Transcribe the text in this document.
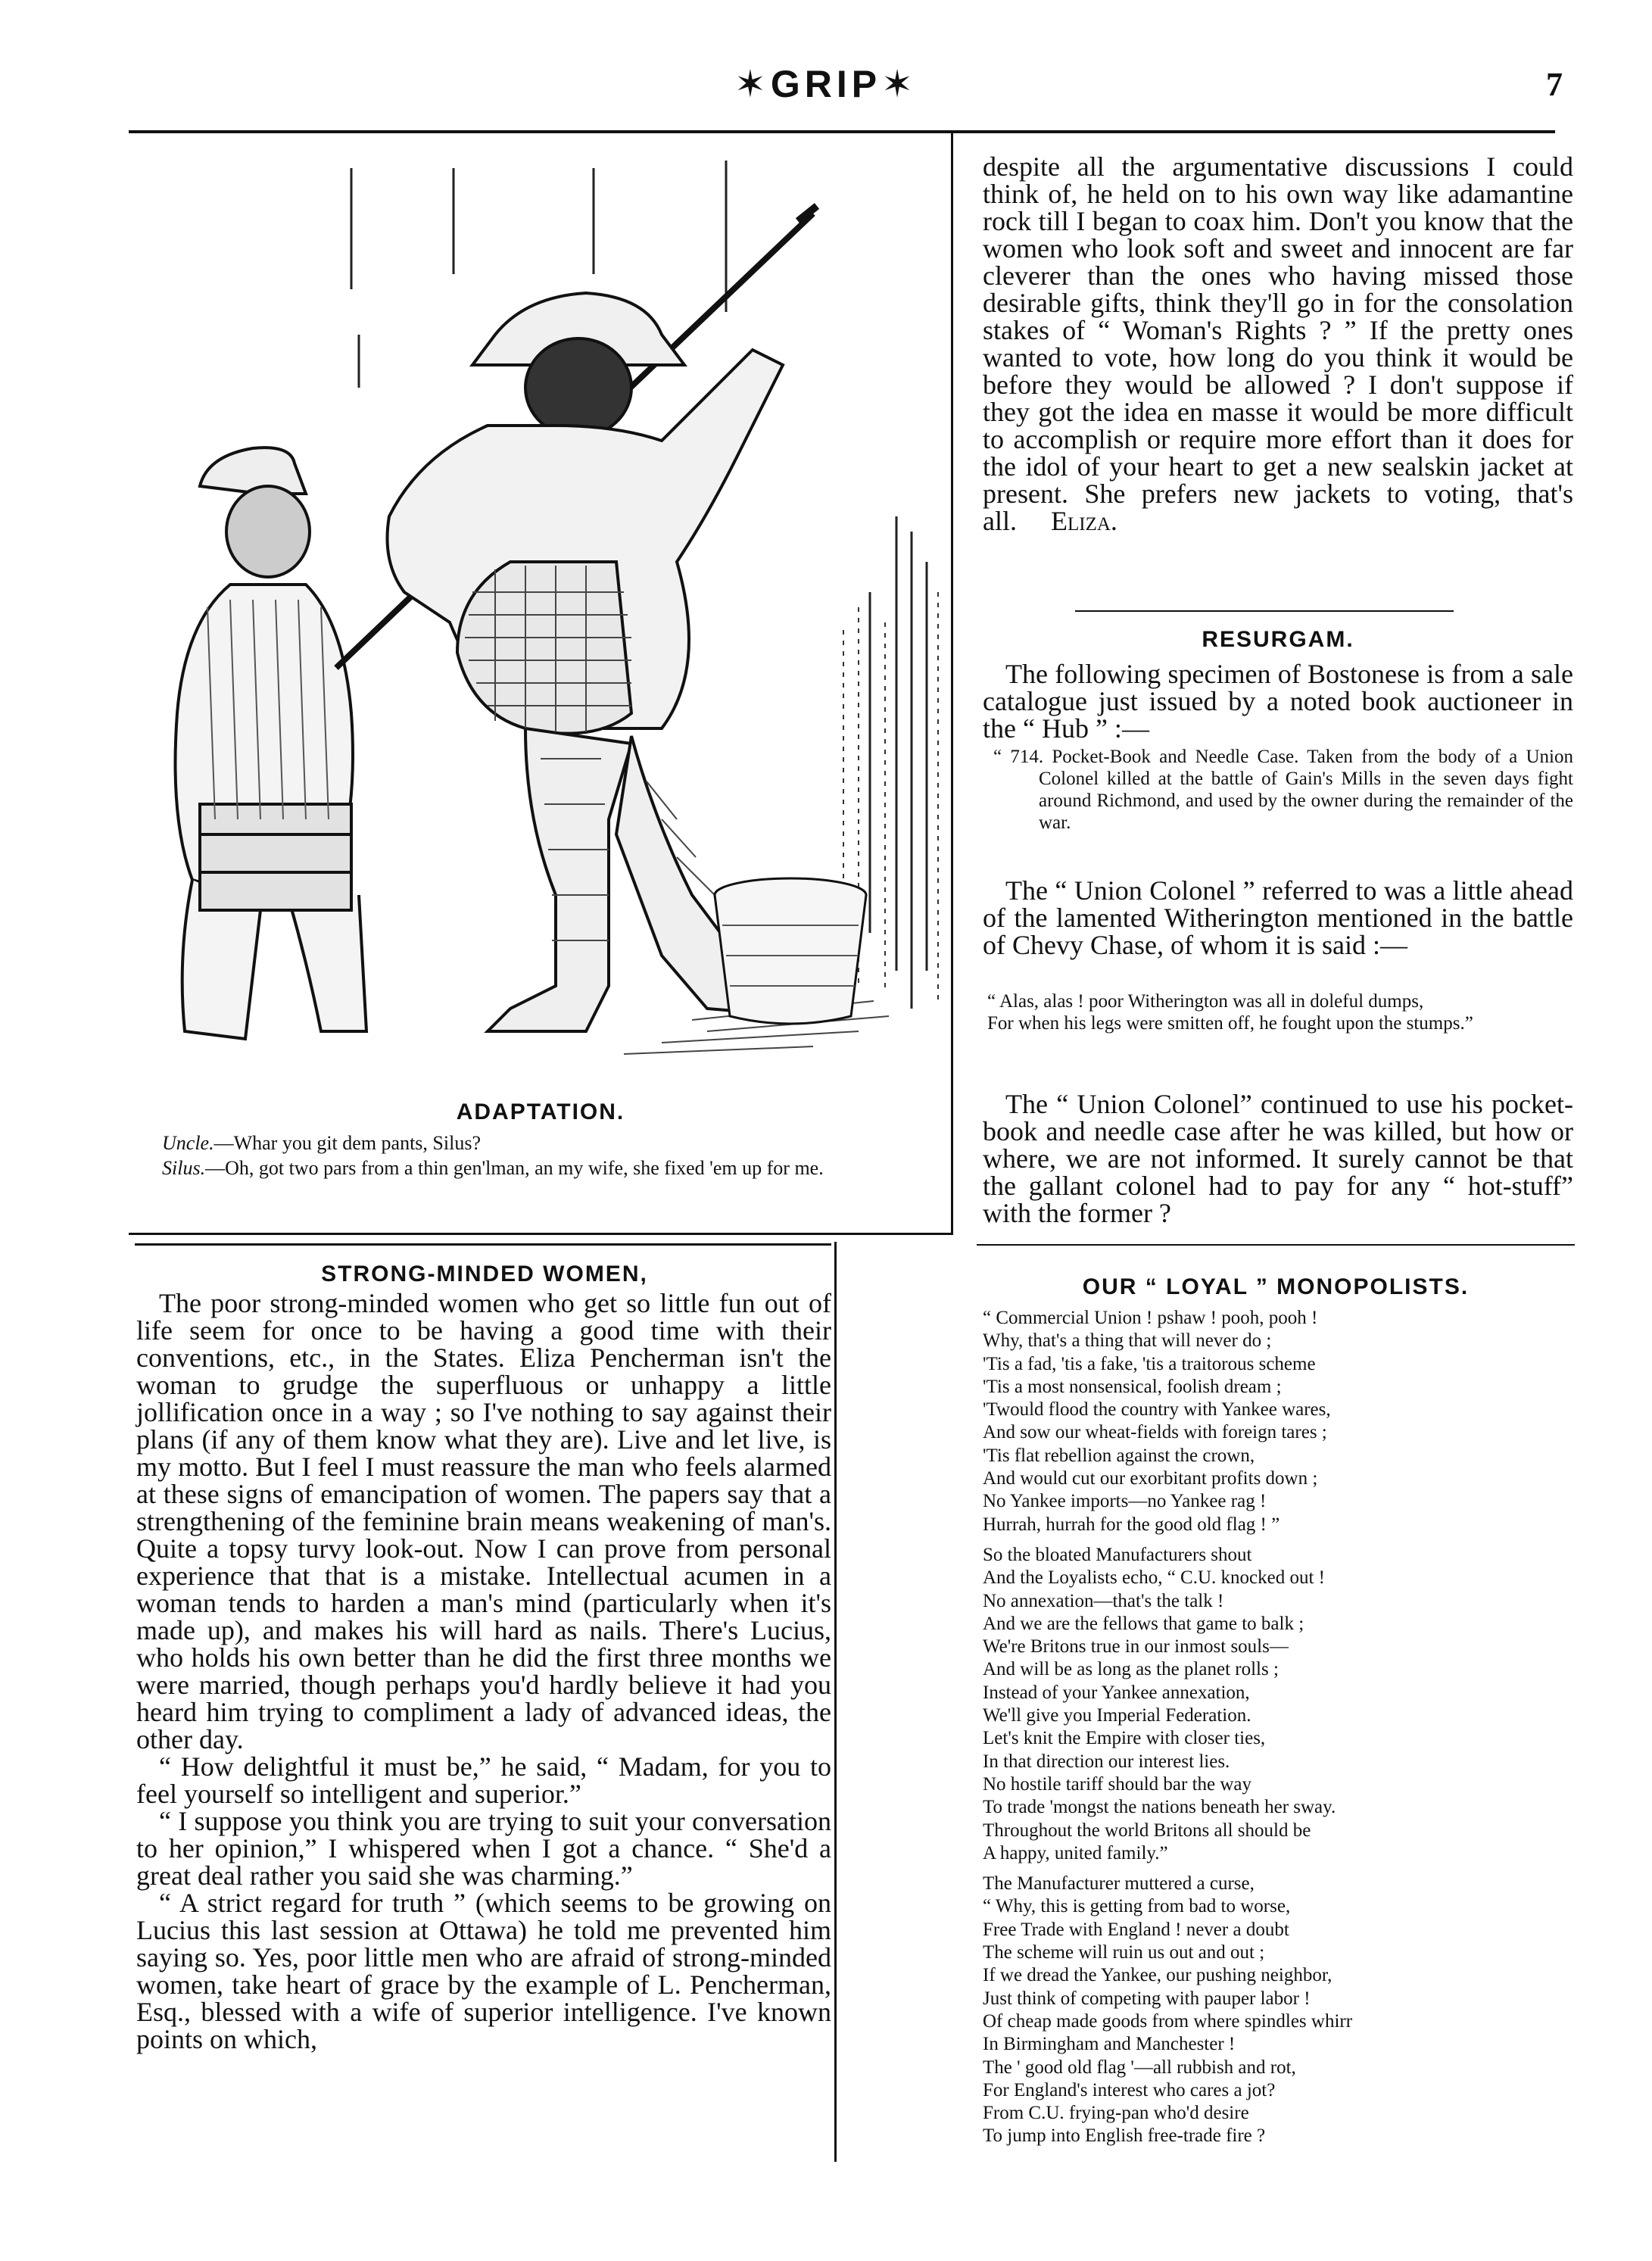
✶GRIP✶	7
ADAPTATION.
Uncle.—Whar you git dem pants, Silus?
Silus.—Oh, got two pars from a thin gen'lman, an my wife, she fixed 'em up for me.

despite all the argumentative discussions I could think of, he held on to his own way like adamantine rock till I began to coax him. Don't you know that the women who look soft and sweet and innocent are far cleverer than the ones who having missed those desirable gifts, think they'll go in for the consolation stakes of “ Woman's Rights ? ” If the pretty ones wanted to vote, how long do you think it would be before they would be allowed ? I don't suppose if they got the idea en masse it would be more difficult to accomplish or require more effort than it does for the idol of your heart to get a new sealskin jacket at present. She prefers new jackets to voting, that's all. Eliza.

RESURGAM.

The following specimen of Bostonese is from a sale catalogue just issued by a noted book auctioneer in the “ Hub ” :—

“ 714. Pocket-Book and Needle Case. Taken from the body of a Union Colonel killed at the battle of Gain's Mills in the seven days fight around Richmond, and used by the owner during the remainder of the war.

The “ Union Colonel ” referred to was a little ahead of the lamented Witherington mentioned in the battle of Chevy Chase, of whom it is said :—

“ Alas, alas ! poor Witherington was all in doleful dumps,

For when his legs were smitten off, he fought upon the stumps.”

The “ Union Colonel” continued to use his pocket-book and needle case after he was killed, but how or where, we are not informed. It surely cannot be that the gallant colonel had to pay for any “ hot-stuff” with the former ?

STRONG-MINDED WOMEN,

The poor strong-minded women who get so little fun out of life seem for once to be having a good time with their conventions, etc., in the States. Eliza Pencherman isn't the woman to grudge the superfluous or unhappy a little jollification once in a way ; so I've nothing to say against their plans (if any of them know what they are). Live and let live, is my motto. But I feel I must reassure the man who feels alarmed at these signs of emancipation of women. The papers say that a strengthening of the feminine brain means weakening of man's. Quite a topsy turvy look-out. Now I can prove from personal experience that that is a mistake. Intellectual acumen in a woman tends to harden a man's mind (particularly when it's made up), and makes his will hard as nails. There's Lucius, who holds his own better than he did the first three months we were married, though perhaps you'd hardly believe it had you heard him trying to compliment a lady of advanced ideas, the other day.

“ How delightful it must be,” he said, “ Madam, for you to feel yourself so intelligent and superior.”

“ I suppose you think you are trying to suit your conversation to her opinion,” I whispered when I got a chance. “ She'd a great deal rather you said she was charming.”

“ A strict regard for truth ” (which seems to be growing on Lucius this last session at Ottawa) he told me prevented him saying so. Yes, poor little men who are afraid of strong-minded women, take heart of grace by the example of L. Pencherman, Esq., blessed with a wife of superior intelligence. I've known points on which,

OUR “ LOYAL ” MONOPOLISTS.
“ Commercial Union ! pshaw ! pooh, pooh !
Why, that's a thing that will never do ;
'Tis a fad, 'tis a fake, 'tis a traitorous scheme
'Tis a most nonsensical, foolish dream ;
'Twould flood the country with Yankee wares,
And sow our wheat-fields with foreign tares ;
'Tis flat rebellion against the crown,
And would cut our exorbitant profits down ;
No Yankee imports—no Yankee rag !
Hurrah, hurrah for the good old flag ! ”
So the bloated Manufacturers shout
And the Loyalists echo, “ C.U. knocked out !
No annexation—that's the talk !
And we are the fellows that game to balk ;
We're Britons true in our inmost souls—
And will be as long as the planet rolls ;
Instead of your Yankee annexation,
We'll give you Imperial Federation.
Let's knit the Empire with closer ties,
In that direction our interest lies.
No hostile tariff should bar the way
To trade 'mongst the nations beneath her sway.
Throughout the world Britons all should be
A happy, united family.”
The Manufacturer muttered a curse,
“ Why, this is getting from bad to worse,
Free Trade with England ! never a doubt
The scheme will ruin us out and out ;
If we dread the Yankee, our pushing neighbor,
Just think of competing with pauper labor !
Of cheap made goods from where spindles whirr
In Birmingham and Manchester !
The ' good old flag '—all rubbish and rot,
For England's interest who cares a jot?
From C.U. frying-pan who'd desire
To jump into English free-trade fire ?
